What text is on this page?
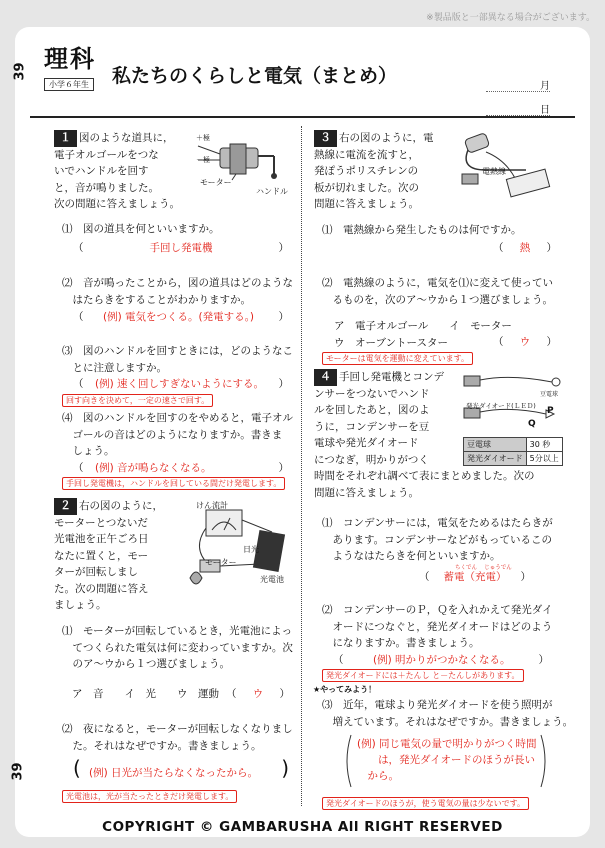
※製品版と一部異なる場合がございます。
39
39
理科
小学６年生	私たちのくらしと電気（まとめ）	月
日
１ 図のような道具に，
電子オルゴールをつな
いでハンドルを回す
と，音が鳴りました。
次の問題に答えましょう。
＋極
－極
モーター
ハンドル
⑴　図の道具を何といいますか。
（	手回し発電機	）
⑵　音が鳴ったことから，図の道具はどのような
　はたらきをすることがわかりますか。
（ (例) 電気をつくる。(発電する。) ）
⑶　図のハンドルを回すときには，どのようなこ
　とに注意しますか。
（ (例) 速く回しすぎないようにする。 ）
回す向きを決めて，一定の速さで回す。
⑷　図のハンドルを回すのをやめると，電子オル
　ゴールの音はどのようになりますか。書きま
　しょう。
（ (例) 音が鳴らなくなる。	）
手回し発電機は，ハンドルを回している間だけ発電します。
２ 右の図のように，
モーターとつないだ
光電池を正午ごろ日
なたに置くと，モー
ターが回転しまし
た。次の問題に答え
ましょう。
けん流計
日光
モーター
光電池
⑴　モーターが回転しているとき，光電池によっ
　てつくられた電気は何に変わっていますか。次
　のア～ウから１つ選びましょう。
ア　音　　イ　光　　ウ　運動 （	ウ	）
⑵　夜になると，モーターが回転しなくなりまし
　た。それはなぜですか。書きましょう。
( (例) 日光が当たらなくなったから。 )
光電池は，光が当たったときだけ発電します。
３ 右の図のように，電
熱線に電流を流すと，
発ぽうポリスチレンの
板が切れました。次の
問題に答えましょう。
電熱線
⑴　電熱線から発生したものは何ですか。
（	熱	）
⑵　電熱線のように，電気を⑴に変えて使ってい
　るものを，次のア～ウから１つ選びましょう。
ア　電子オルゴール　　イ　モーター
ウ　オーブントースター	（	ウ	）
モーターは電気を運動に変えています。
４ 手回し発電機とコンデ
ンサーをつないでハンド
ルを回したあと，図のよ
うに，コンデンサーを豆
電球や発光ダイオード
につなぎ，明かりがつく
時間をそれぞれ調べて表にまとめました。次の
問題に答えましょう。
豆電球
発光ダイオード(ＬＥＤ) P
Q
豆電球	30 秒
発光ダイオード	5分以上
⑴　コンデンサーには，電気をためるはたらきが
　あります。コンデンサーなどがもっているこの
　ようなはたらきを何といいますか。
ちくでん　 じゅうでん
（	蓄電（充電）	）
⑵　コンデンサーのＰ，Ｑを入れかえて発光ダイ
　オードにつなぐと，発光ダイオードはどのよう
　になりますか。書きましょう。
（	(例) 明かりがつかなくなる。	）
発光ダイオードには＋たんし と－たんしがあります。
★やってみよう！
⑶　近年，電球より発光ダイオードを使う照明が
　増えています。それはなぜですか。書きましょう。
(例) 同じ電気の量で明かりがつく時間
　　は，発光ダイオードのほうが長い
　から。
発光ダイオードのほうが，使う電気の量は少ないです。
COPYRIGHT © GAMBARUSHA All RIGHT RESERVED
